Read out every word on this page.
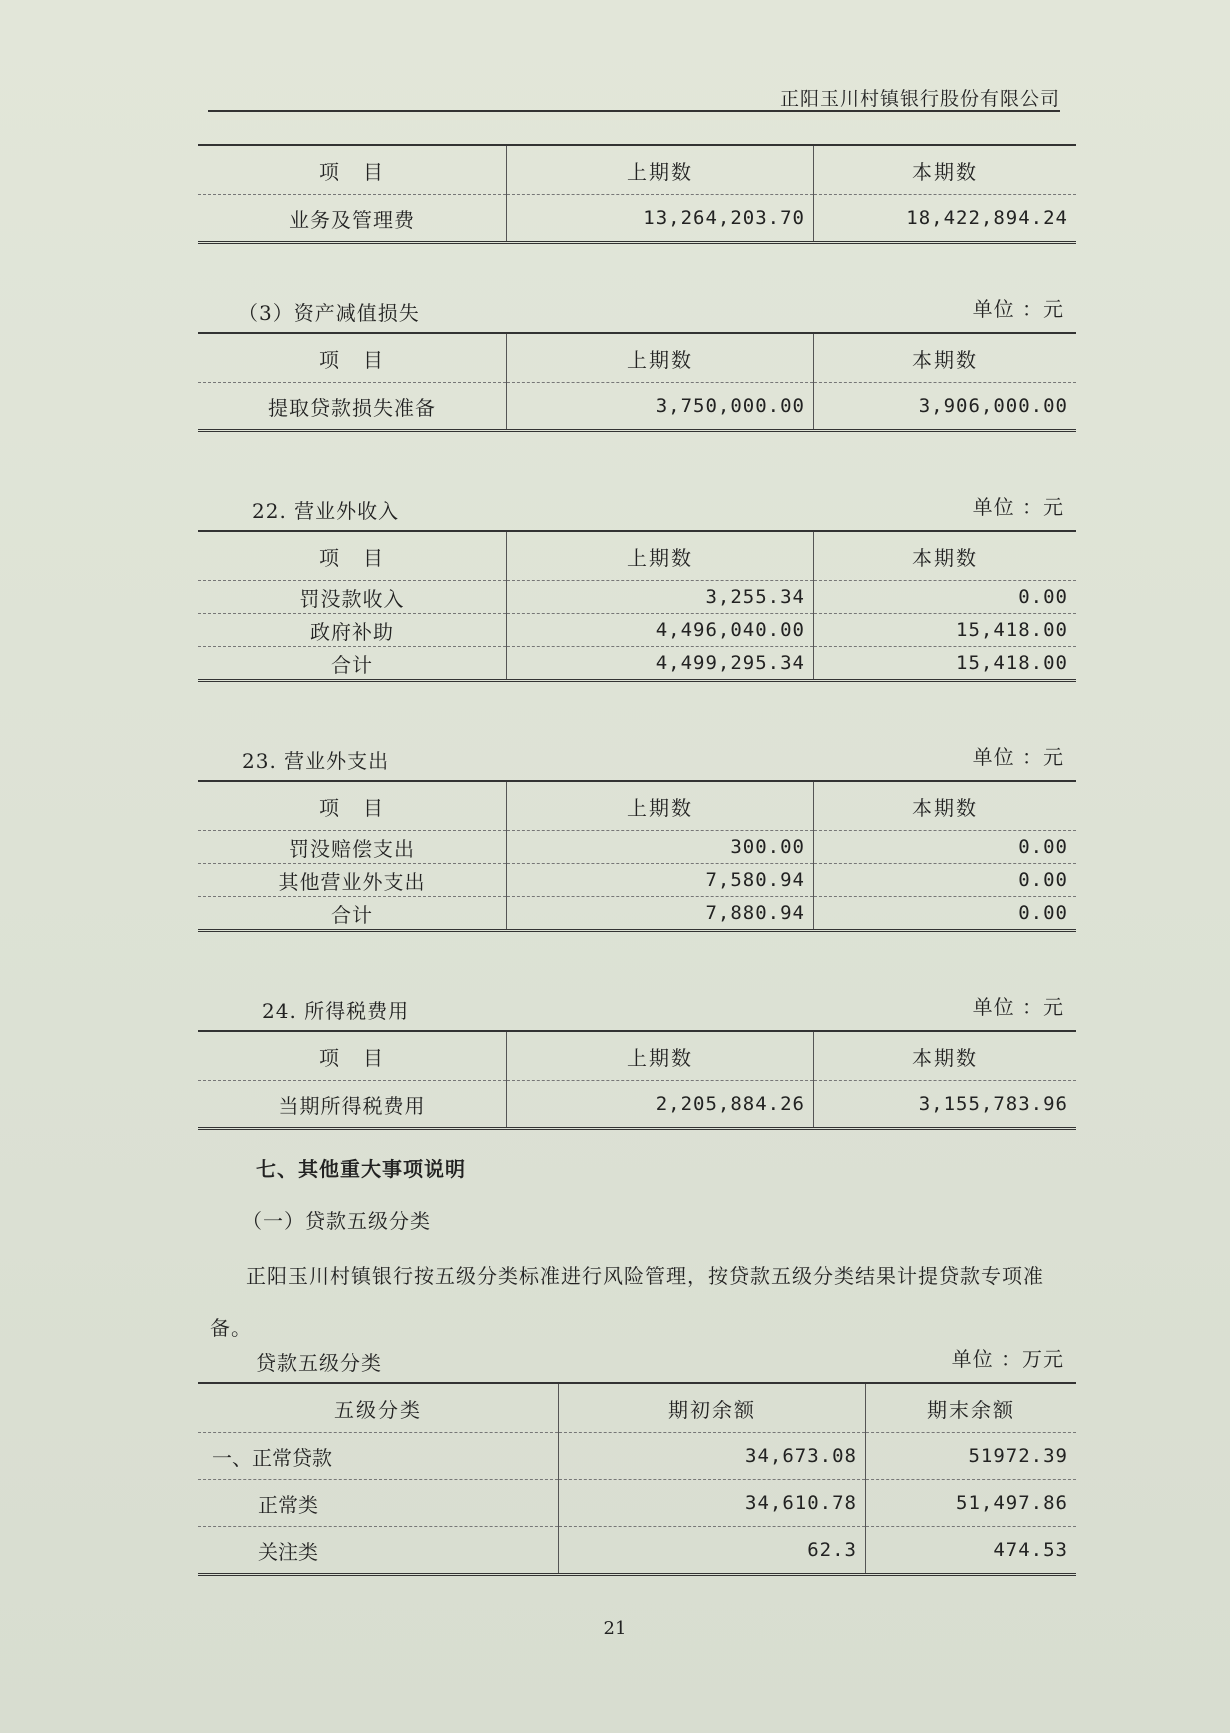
正阳玉川村镇银行股份有限公司
项　目	上期数	本期数
业务及管理费	13,264,203.70	18,422,894.24
（3）资产减值损失	单位 ：元
项　目	上期数	本期数
提取贷款损失准备	3,750,000.00	3,906,000.00
22. 营业外收入	单位 ：元
项　目	上期数	本期数
罚没款收入	3,255.34	0.00
政府补助	4,496,040.00	15,418.00
合计	4,499,295.34	15,418.00
23. 营业外支出	单位 ：元
项　目	上期数	本期数
罚没赔偿支出	300.00	0.00
其他营业外支出	7,580.94	0.00
合计	7,880.94	0.00
24. 所得税费用	单位 ：元
项　目	上期数	本期数
当期所得税费用	2,205,884.26	3,155,783.96
七、其他重大事项说明
（一）贷款五级分类
正阳玉川村镇银行按五级分类标准进行风险管理，按贷款五级分类结果计提贷款专项准备。
贷款五级分类	单位 ：万元
五级分类	期初余额	期末余额
一、正常贷款	34,673.08	51972.39
正常类	34,610.78	51,497.86
关注类	62.3	474.53
21
